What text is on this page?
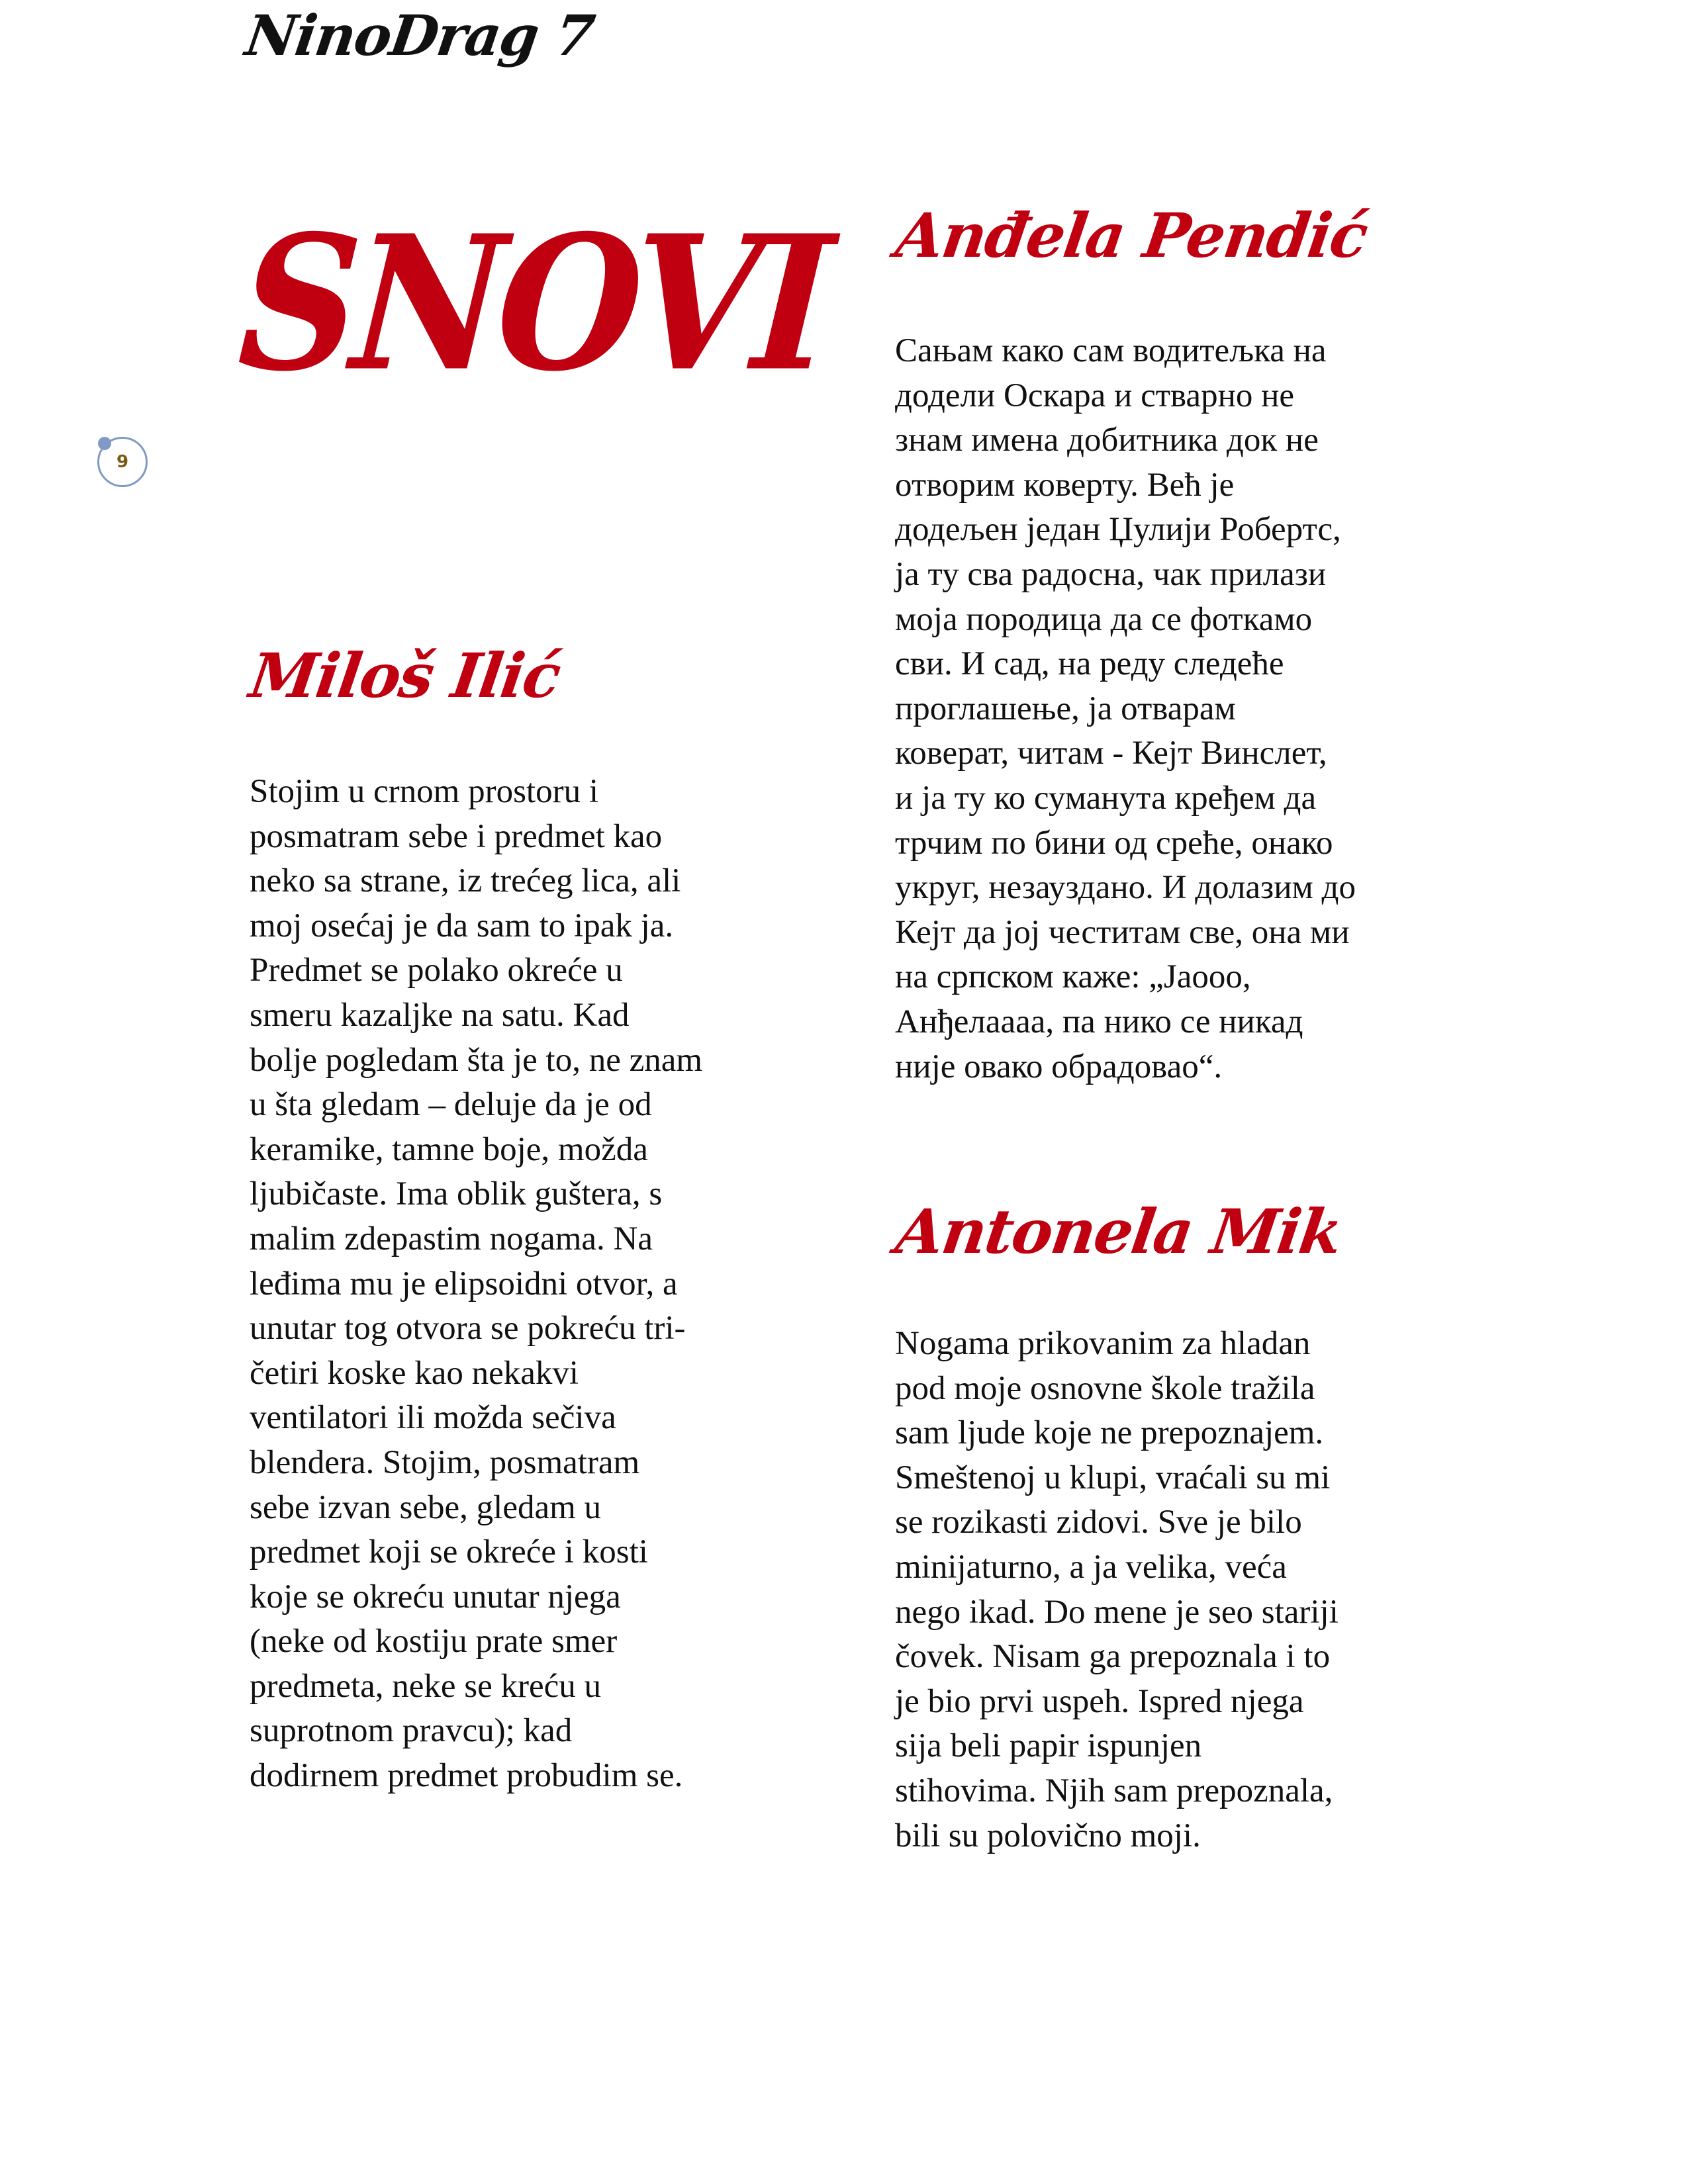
NinoDrag 7
9
SNOVI
Miloš Ilić
Stojim u crnom prostoru i
posmatram sebe i predmet kao
neko sa strane, iz trećeg lica, ali
moj osećaj je da sam to ipak ja.
Predmet se polako okreće u
smeru kazaljke na satu. Kad
bolje pogledam šta je to, ne znam
u šta gledam – deluje da je od
keramike, tamne boje, možda
ljubičaste. Ima oblik guštera, s
malim zdepastim nogama. Na
leđima mu je elipsoidni otvor, a
unutar tog otvora se pokreću tri-
četiri koske kao nekakvi
ventilatori ili možda sečiva
blendera. Stojim, posmatram
sebe izvan sebe, gledam u
predmet koji se okreće i kosti
koje se okreću unutar njega
(neke od kostiju prate smer
predmeta, neke se kreću u
suprotnom pravcu); kad
dodirnem predmet probudim se.
Anđela Pendić
Сањам како сам водитељка на
додели Оскара и стварно не
знам имена добитника док не
отворим коверту. Већ је
додељен један Џулији Робертс,
ја ту сва радосна, чак прилази
моја породица да се фоткамо
сви. И сад, на реду следеће
проглашење, ја отварам
коверат, читам - Кејт Винслет,
и ја ту ко суманута кређем да
трчим по бини од среће, онако
укруг, незауздано. И долазим до
Кејт да јој честитам све, она ми
на српском каже: „Јаооо,
Анђелаааа, па нико се никад
није овако обрадовао“.
Antonela Mik
Nogama prikovanim za hladan
pod moje osnovne škole tražila
sam ljude koje ne prepoznajem.
Smeštenoj u klupi, vraćali su mi
se rozikasti zidovi. Sve je bilo
minijaturno, a ja velika, veća
nego ikad. Do mene je seo stariji
čovek. Nisam ga prepoznala i to
je bio prvi uspeh. Ispred njega
sija beli papir ispunjen
stihovima. Njih sam prepoznala,
bili su polovično moji.
